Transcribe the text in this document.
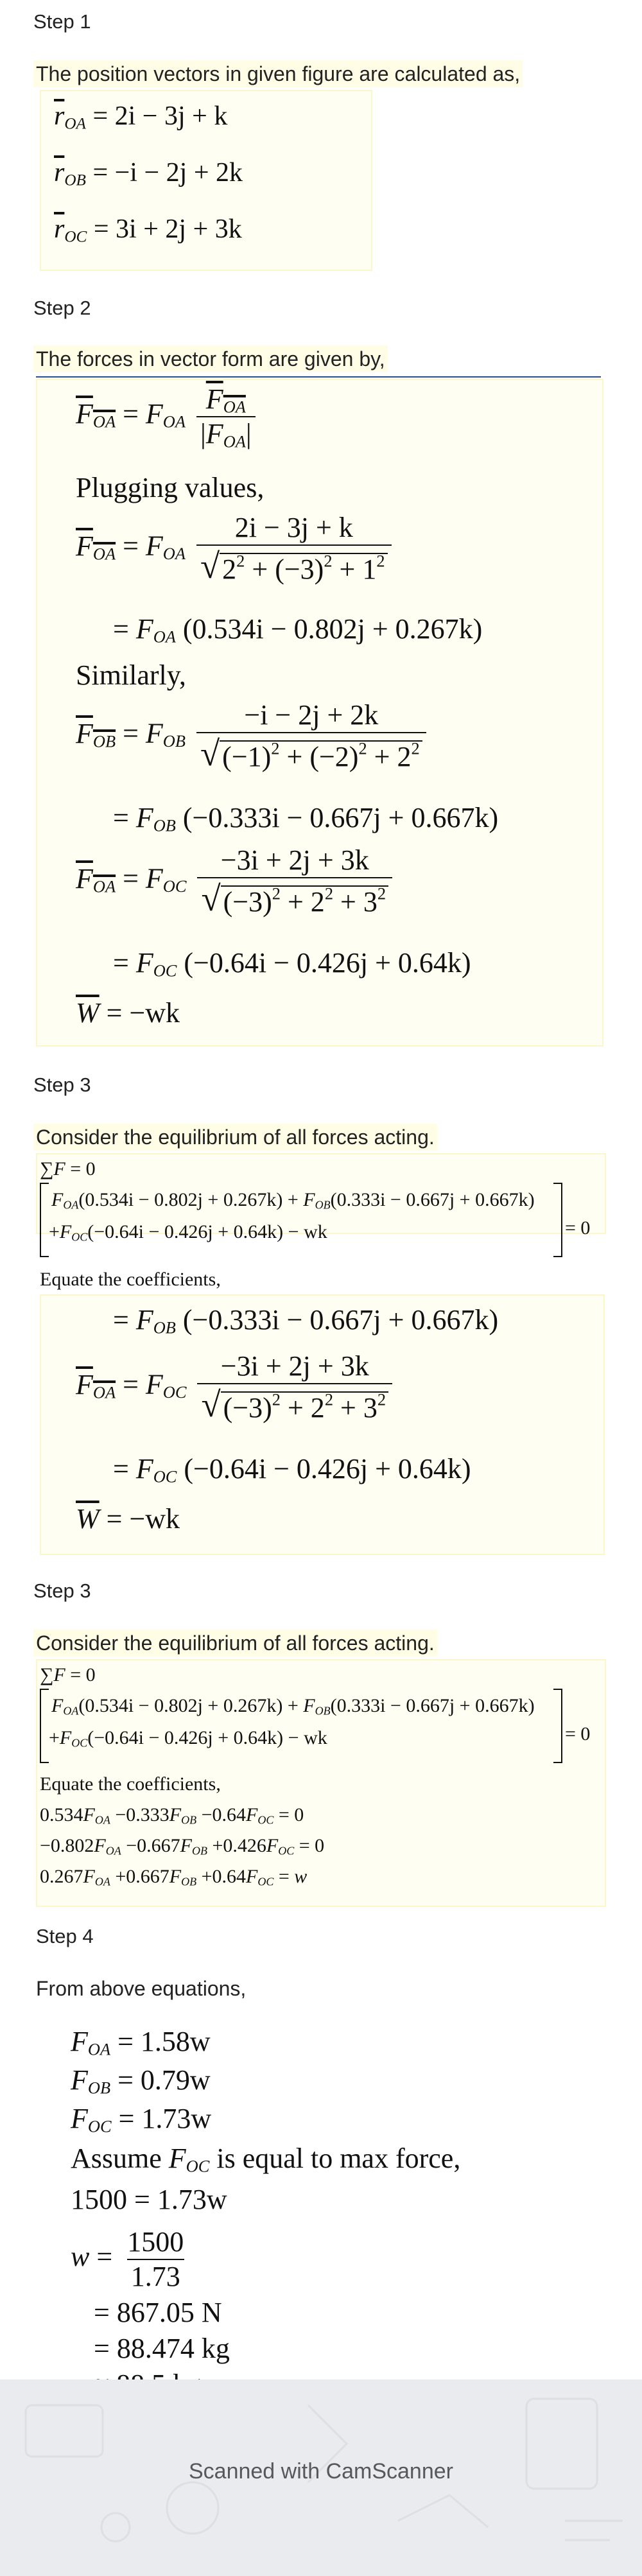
Step 1
The position vectors in given figure are calculated as,
$\overline{r}_{OA} = 2i - 3j + k$
$\overline{r}_{OB} = -i - 2j + 2k$
$\overline{r}_{OC} = 3i + 2j + 3k$
Step 2
The forces in vector form are given by,
$F_{OA} = F_{OA} \frac{F_{OA}}{|F_{OA}|}$
Plugging values,
$F_{OA} = F_{OA} \frac{2i - 3j + k}{√ 2^2 + (-3)^2 + 1^2}$
= $F_{OA}$ (0.534i − 0.802j + 0.267k)
Similarly,
$F_{OB} = F_{OB} \frac{-i - 2j + 2k}{√ (-1)^2 + (-2)^2 + 2^2}$
= $F_{OB}$ (−0.333i − 0.667j + 0.667k)
$F_{OA} = F_{OC} \frac{-3i + 2j + 3k}{√ (-3)^2 + 2^2 + 3^2}$
= $F_{OC}$ (−0.64i − 0.426j + 0.64k)
$\overline{W} = -wk$
Step 3
Consider the equilibrium of all forces acting.
∑F = 0
$F_{OA}(0.534i - 0.802j + 0.267k) + F_{OB}(0.333i - 0.667j + 0.667k)$
$+F_{OC}(-0.64i - 0.426j + 0.64k)$ − wk	= 0
Equate the coefficients,
= $F_{OB}$ (−0.333i − 0.667j + 0.667k)
$F_{OA} = F_{OC} \frac{-3i + 2j + 3k}{√ (-3)^2 + 2^2 + 3^2}$
= $F_{OC}$ (−0.64i − 0.426j + 0.64k)
$\overline{W} = -wk$
Step 3
Consider the equilibrium of all forces acting.
∑F = 0
$F_{OA}(0.534i - 0.802j + 0.267k) + F_{OB}(0.333i - 0.667j + 0.667k)$
$+F_{OC}(-0.64i - 0.426j + 0.64k)$ − wk	= 0
Equate the coefficients,
$0.534F_{OA} -0.333F_{OB} -0.64F_{OC} = 0$
$-0.802F_{OA} -0.667F_{OB} +0.426F_{OC} = 0$
$0.267F_{OA} +0.667F_{OB} +0.64F_{OC} = w$
Step 4
From above equations,
$F_{OA} = 1.58w$
$F_{OB} = 0.79w$
$F_{OC} = 1.73w$
Assume $F_{OC}$ is equal to max force,
1500 = 1.73w
$w = \frac{1500}{1.73}$
= 867.05 N
= 88.474 kg
Scanned with CamScanner
